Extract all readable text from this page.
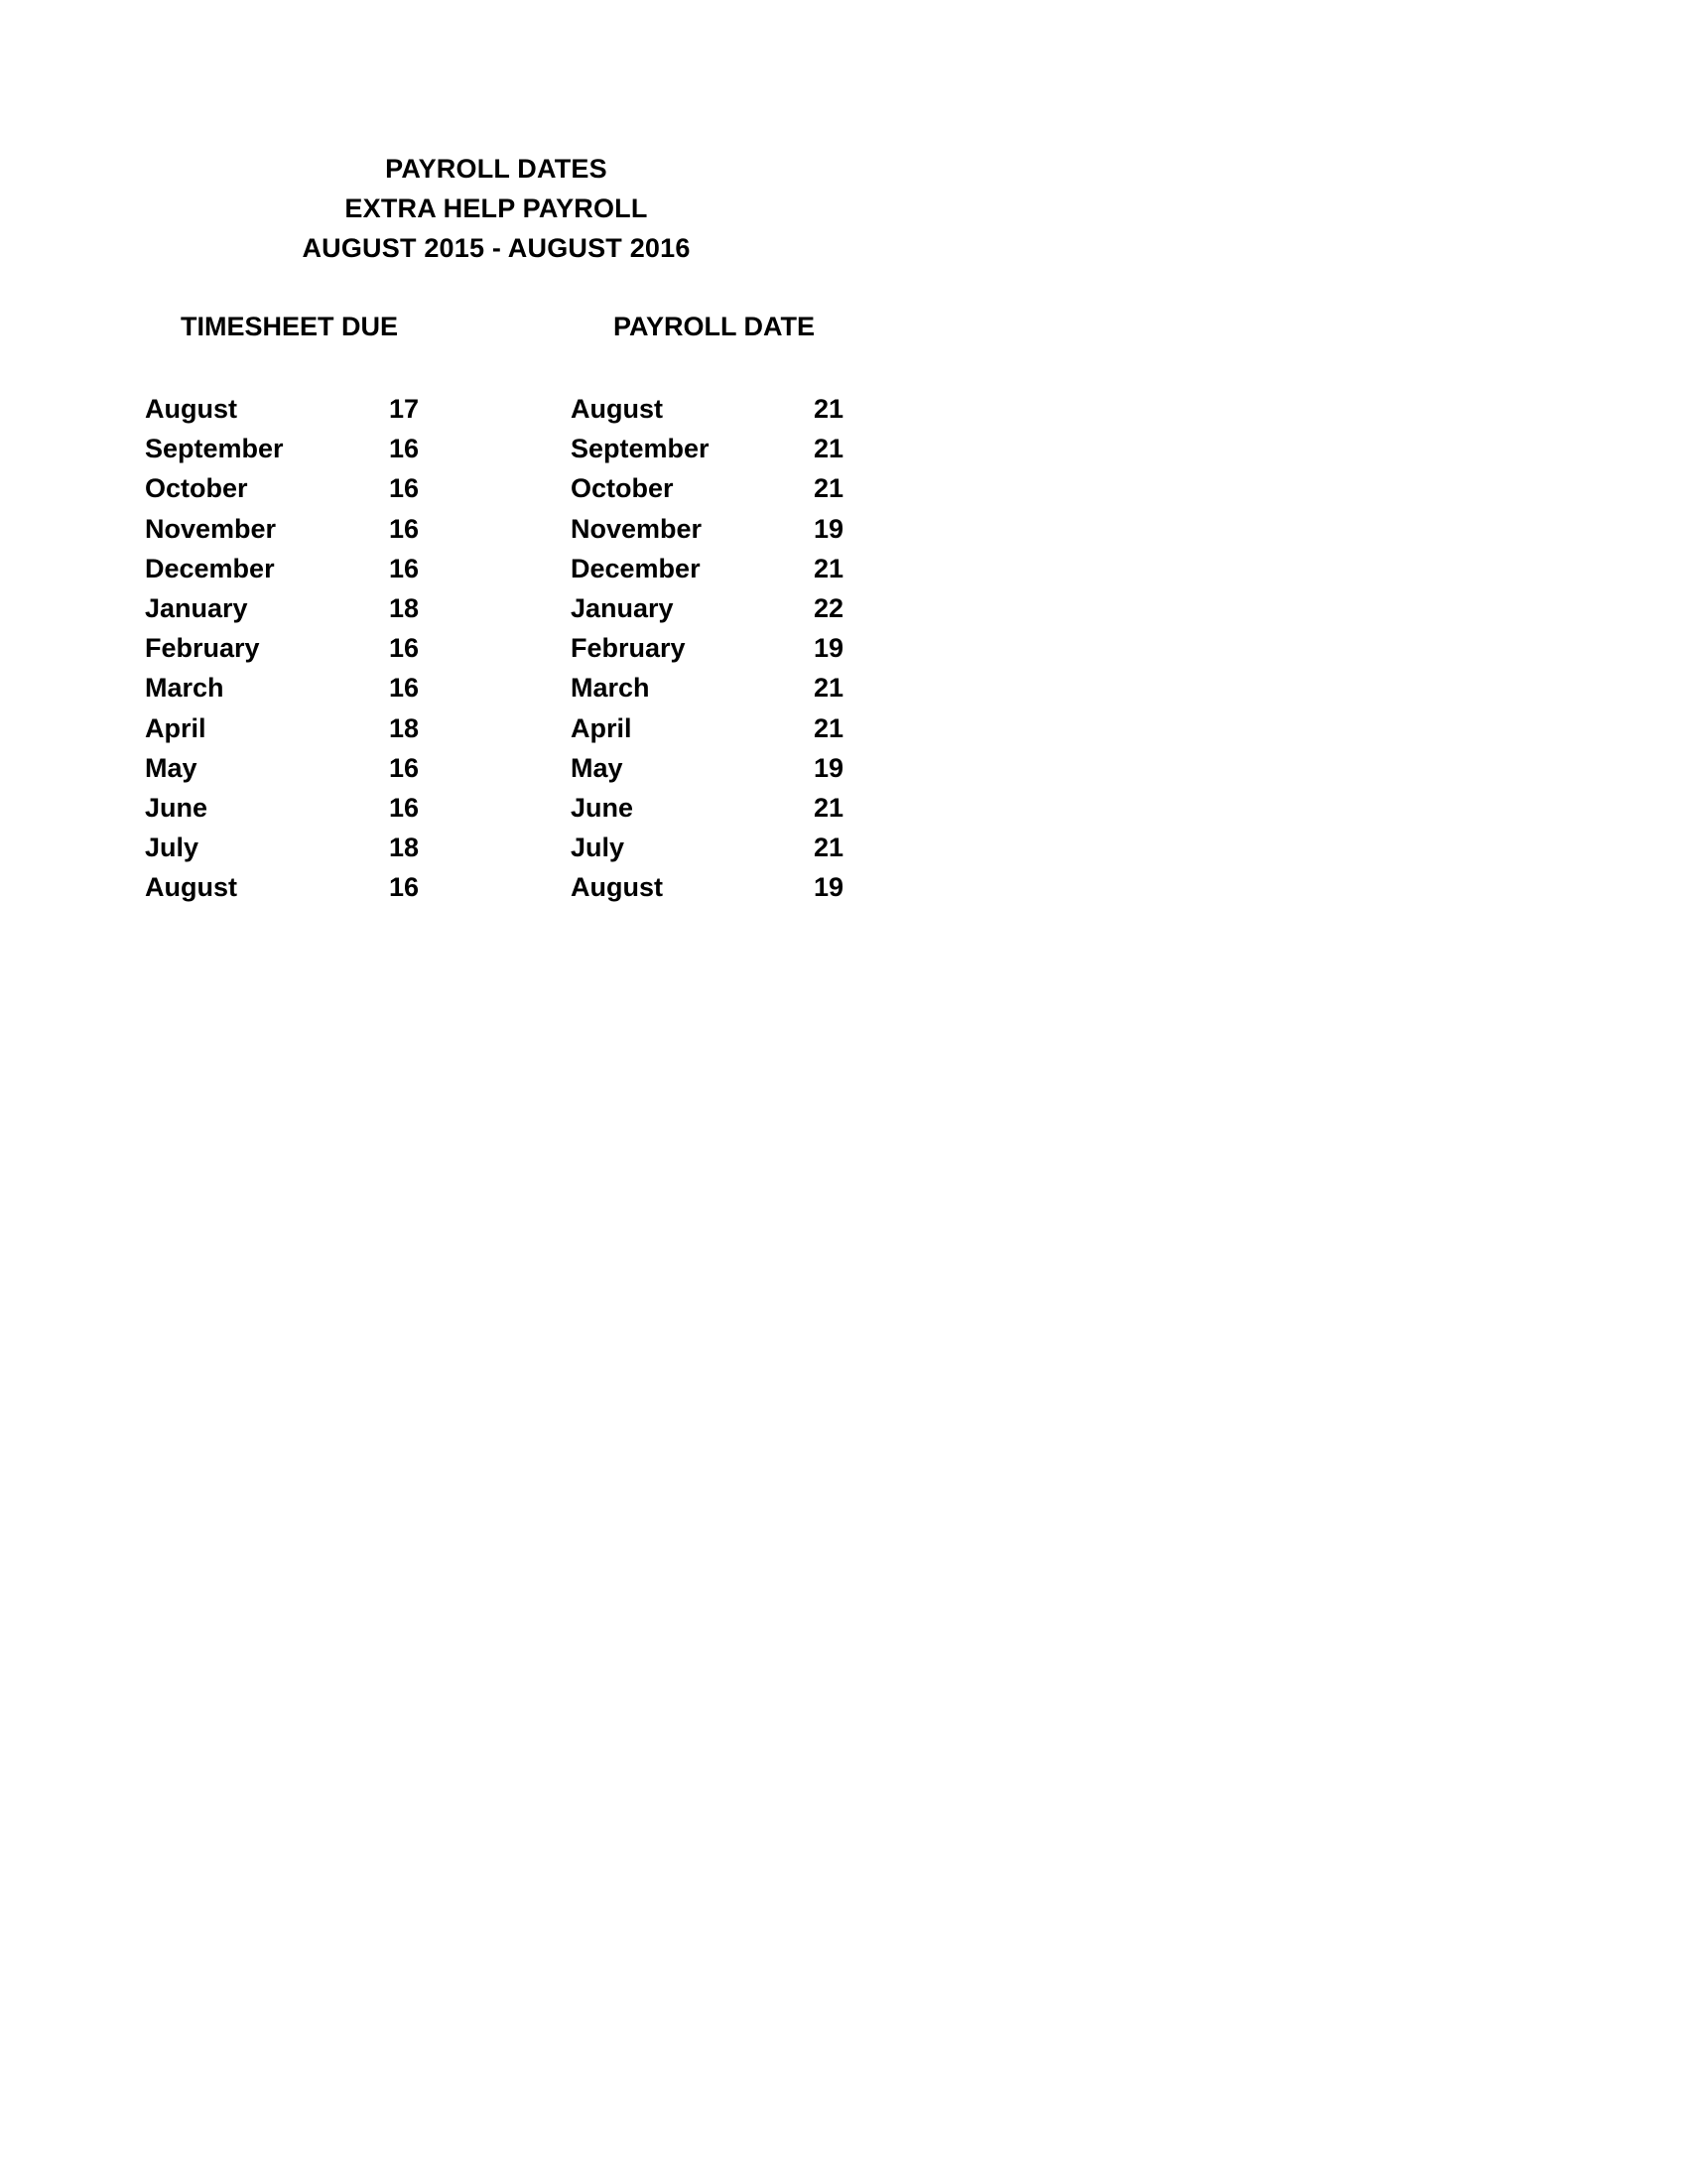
PAYROLL DATES
EXTRA HELP PAYROLL
AUGUST 2015 - AUGUST 2016
TIMESHEET DUE	PAYROLL DATE
August	17	August	21
September	16	September	21
October	16	October	21
November	16	November	19
December	16	December	21
January	18	January	22
February	16	February	19
March	16	March	21
April	18	April	21
May	16	May	19
June	16	June	21
July	18	July	21
August	16	August	19
